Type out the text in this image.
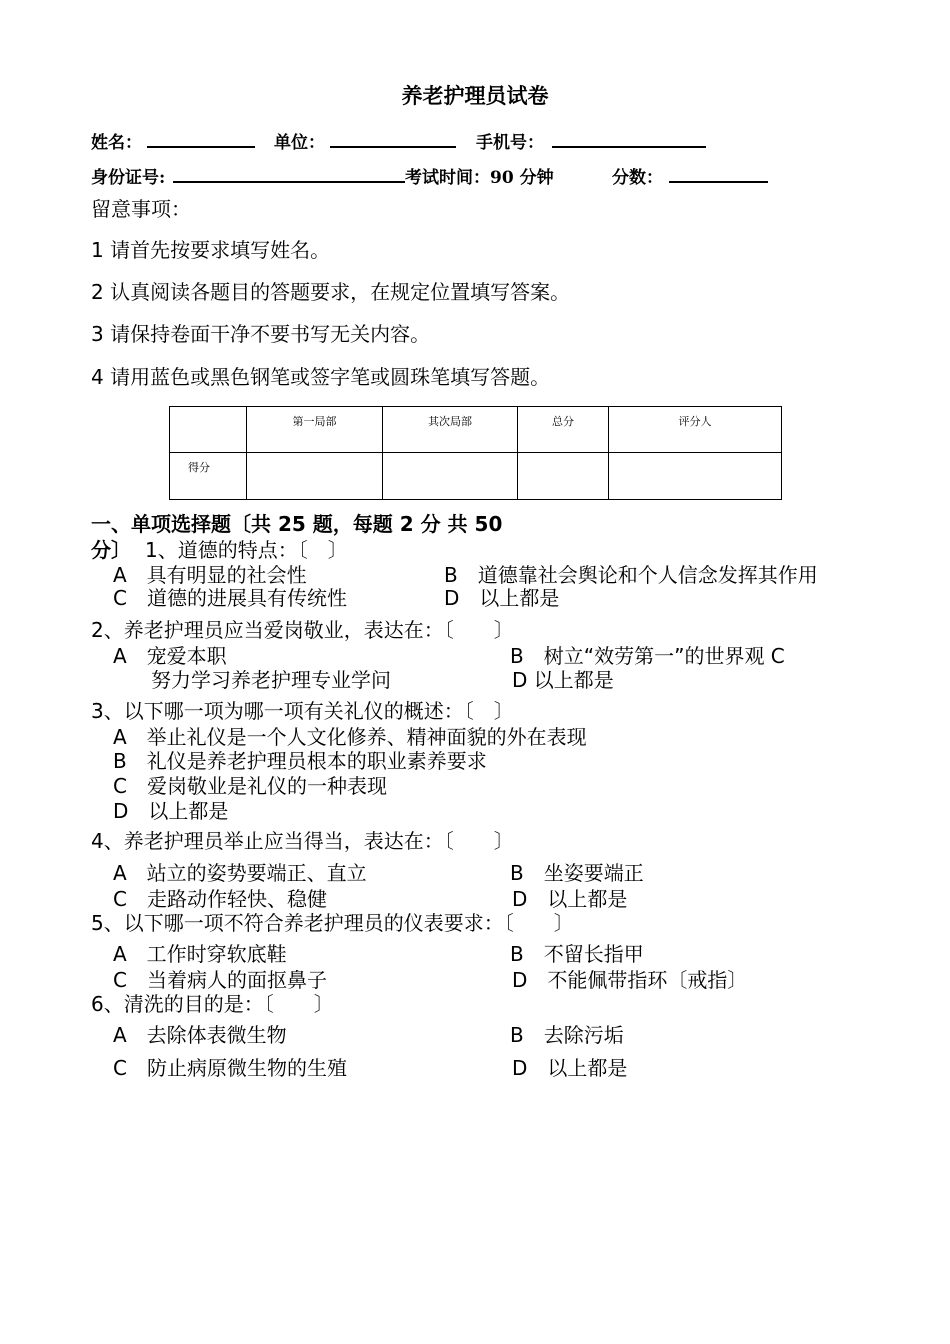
养老护理员试卷
姓名：	单位：	手机号：
身份证号:	考试时间：90 分钟	分数：
留意事项：
1 请首先按要求填写姓名。
2 认真阅读各题目的答题要求，在规定位置填写答案。
3 请保持卷面干净不要书写无关内容。
4 请用蓝色或黑色钢笔或签字笔或圆珠笔填写答题。
	第一局部	其次局部	总分	评分人
得分				
一、单项选择题〔共 25 题，每题 2 分 共 50
分〕 1、道德的特点：〔　〕
A　具有明显的社会性	B　道德靠社会舆论和个人信念发挥其作用
C　道德的进展具有传统性	D　以上都是
2、养老护理员应当爱岗敬业，表达在：〔　　〕
A　宠爱本职	B　树立“效劳第一”的世界观 C
努力学习养老护理专业学问	D 以上都是
3、以下哪一项为哪一项有关礼仪的概述：〔　〕
A　举止礼仪是一个人文化修养、精神面貌的外在表现
B　礼仪是养老护理员根本的职业素养要求
C　爱岗敬业是礼仪的一种表现
D　以上都是
4、养老护理员举止应当得当，表达在：〔　　〕
A　站立的姿势要端正、直立	B　坐姿要端正
C　走路动作轻快、稳健	D　以上都是
5、以下哪一项不符合养老护理员的仪表要求：〔　　〕
A　工作时穿软底鞋	B　不留长指甲
C　当着病人的面抠鼻子	D　不能佩带指环〔戒指〕
6、清洗的目的是：〔　　〕
A　去除体表微生物	B　去除污垢
C　防止病原微生物的生殖	D　以上都是
